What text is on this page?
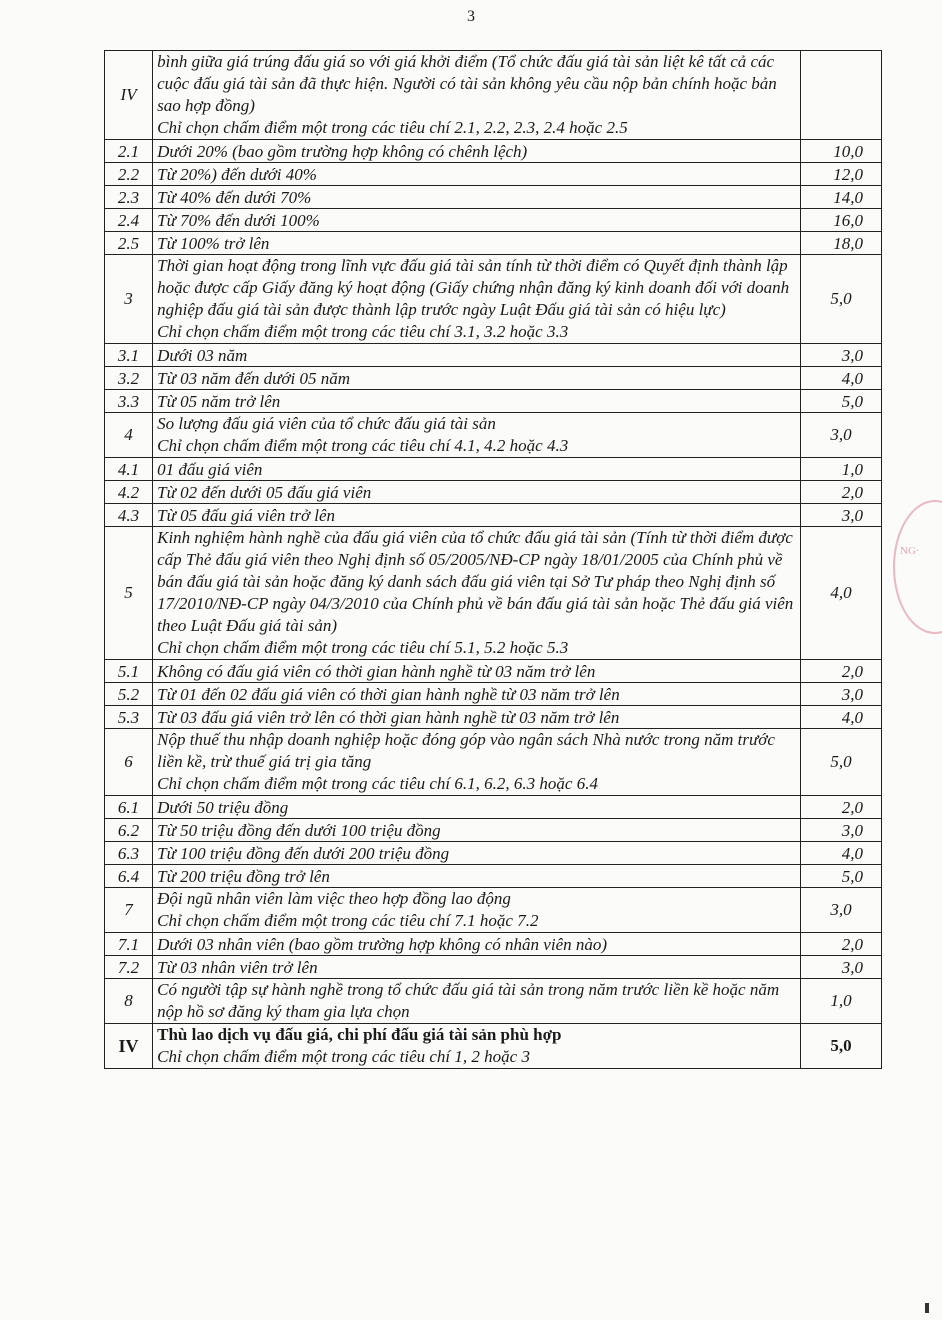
3
IV	bình giữa giá trúng đấu giá so với giá khởi điểm (Tổ chức đấu giá tài sản liệt kê tất cả các cuộc đấu giá tài sản đã thực hiện. Người có tài sản không yêu cầu nộp bản chính hoặc bản sao hợp đồng)
Chỉ chọn chấm điểm một trong các tiêu chí 2.1, 2.2, 2.3, 2.4 hoặc 2.5	

2.1	Dưới 20% (bao gồm trường hợp không có chênh lệch)	10,0
2.2	Từ 20%) đến dưới 40%	12,0
2.3	Từ 40% đến dưới 70%	14,0
2.4	Từ 70% đến dưới 100%	16,0
2.5	Từ 100% trở lên	18,0
3	Thời gian hoạt động trong lĩnh vực đấu giá tài sản tính từ thời điểm có Quyết định thành lập hoặc được cấp Giấy đăng ký hoạt động (Giấy chứng nhận đăng ký kinh doanh đối với doanh nghiệp đấu giá tài sản được thành lập trước ngày Luật Đấu giá tài sản có hiệu lực)
Chỉ chọn chấm điểm một trong các tiêu chí 3.1, 3.2 hoặc 3.3	5,0
3.1	Dưới 03 năm	3,0
3.2	Từ 03 năm đến dưới 05 năm	4,0
3.3	Từ 05 năm trở lên	5,0
4	So lượng đấu giá viên của tổ chức đấu giá tài sản
Chỉ chọn chấm điểm một trong các tiêu chí 4.1, 4.2 hoặc 4.3	3,0
4.1	01 đấu giá viên	1,0
4.2	Từ 02 đến dưới 05 đấu giá viên	2,0
4.3	Từ 05 đấu giá viên trở lên	3,0
5	Kinh nghiệm hành nghề của đấu giá viên của tổ chức đấu giá tài sản (Tính từ thời điểm được cấp Thẻ đấu giá viên theo Nghị định số 05/2005/NĐ-CP ngày 18/01/2005 của Chính phủ về bán đấu giá tài sản hoặc đăng ký danh sách đấu giá viên tại Sở Tư pháp theo Nghị định số 17/2010/NĐ-CP ngày 04/3/2010 của Chính phủ về bán đấu giá tài sản hoặc Thẻ đấu giá viên theo Luật Đấu giá tài sản)
Chỉ chọn chấm điểm một trong các tiêu chí 5.1, 5.2 hoặc 5.3	4,0
5.1	Không có đấu giá viên có thời gian hành nghề từ 03 năm trở lên	2,0
5.2	Từ 01 đến 02 đấu giá viên có thời gian hành nghề từ 03 năm trở lên	3,0
5.3	Từ 03 đấu giá viên trở lên có thời gian hành nghề từ 03 năm trở lên	4,0
6	Nộp thuế thu nhập doanh nghiệp hoặc đóng góp vào ngân sách Nhà nước trong năm trước liền kề, trừ thuế giá trị gia tăng
Chỉ chọn chấm điểm một trong các tiêu chí 6.1, 6.2, 6.3 hoặc 6.4	5,0
6.1	Dưới 50 triệu đồng	2,0
6.2	Từ 50 triệu đồng đến dưới 100 triệu đồng	3,0
6.3	Từ 100 triệu đồng đến dưới 200 triệu đồng	4,0
6.4	Từ 200 triệu đồng trở lên	5,0
7	Đội ngũ nhân viên làm việc theo hợp đồng lao động
Chỉ chọn chấm điểm một trong các tiêu chí 7.1 hoặc 7.2	3,0
7.1	Dưới 03 nhân viên (bao gồm trường hợp không có nhân viên nào)	2,0
7.2	Từ 03 nhân viên trở lên	3,0
8	Có người tập sự hành nghề trong tổ chức đấu giá tài sản trong năm trước liền kề hoặc năm nộp hồ sơ đăng ký tham gia lựa chọn	1,0
IV	Thù lao dịch vụ đấu giá, chi phí đấu giá tài sản phù hợp
Chỉ chọn chấm điểm một trong các tiêu chí 1, 2 hoặc 3	5,0
NG·
